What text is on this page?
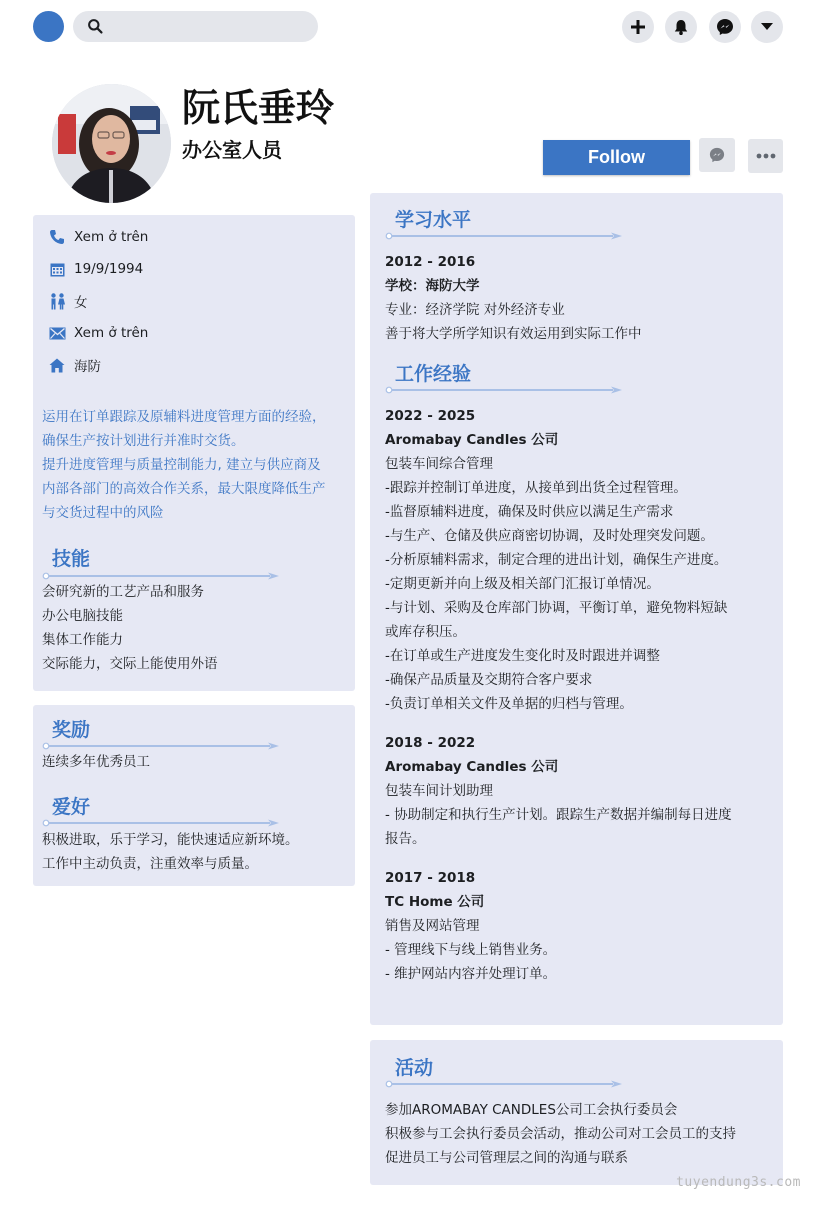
阮氏垂玲
办公室人员	Follow
Xem ở trên
19/9/1994
女
Xem ở trên
海防

运用在订单跟踪及原辅料进度管理方面的经验，确保生产按计划进行并准时交货。

提升进度管理与质量控制能力, 建立与供应商及内部各部门的高效合作关系，最大限度降低生产与交货过程中的风险

技能

会研究新的工艺产品和服务

办公电脑技能

集体工作能力

交际能力，交际上能使用外语

奖励

连续多年优秀员工

爱好

积极进取，乐于学习，能快速适应新环境。

工作中主动负责，注重效率与质量。

学习水平

2012 - 2016

学校：海防大学

专业：经济学院 对外经济专业

善于将大学所学知识有效运用到实际工作中

工作经验

2022 - 2025

Aromabay Candles 公司

包装车间综合管理

-跟踪并控制订单进度，从接单到出货全过程管理。

-监督原辅料进度，确保及时供应以满足生产需求

-与生产、仓储及供应商密切协调，及时处理突发问题。

-分析原辅料需求，制定合理的进出计划，确保生产进度。

-定期更新并向上级及相关部门汇报订单情况。

-与计划、采购及仓库部门协调，平衡订单，避免物料短缺

或库存积压。

-在订单或生产进度发生变化时及时跟进并调整

-确保产品质量及交期符合客户要求

-负责订单相关文件及单据的归档与管理。

2018 - 2022

Aromabay Candles 公司

包装车间计划助理

- 协助制定和执行生产计划。跟踪生产数据并编制每日进度

报告。

2017 - 2018

TC Home 公司

销售及网站管理

- 管理线下与线上销售业务。

- 维护网站内容并处理订单。

活动

参加AROMABAY CANDLES公司工会执行委员会

积极参与工会执行委员会活动，推动公司对工会员工的支持

促进员工与公司管理层之间的沟通与联系

tuyendung3s.com
